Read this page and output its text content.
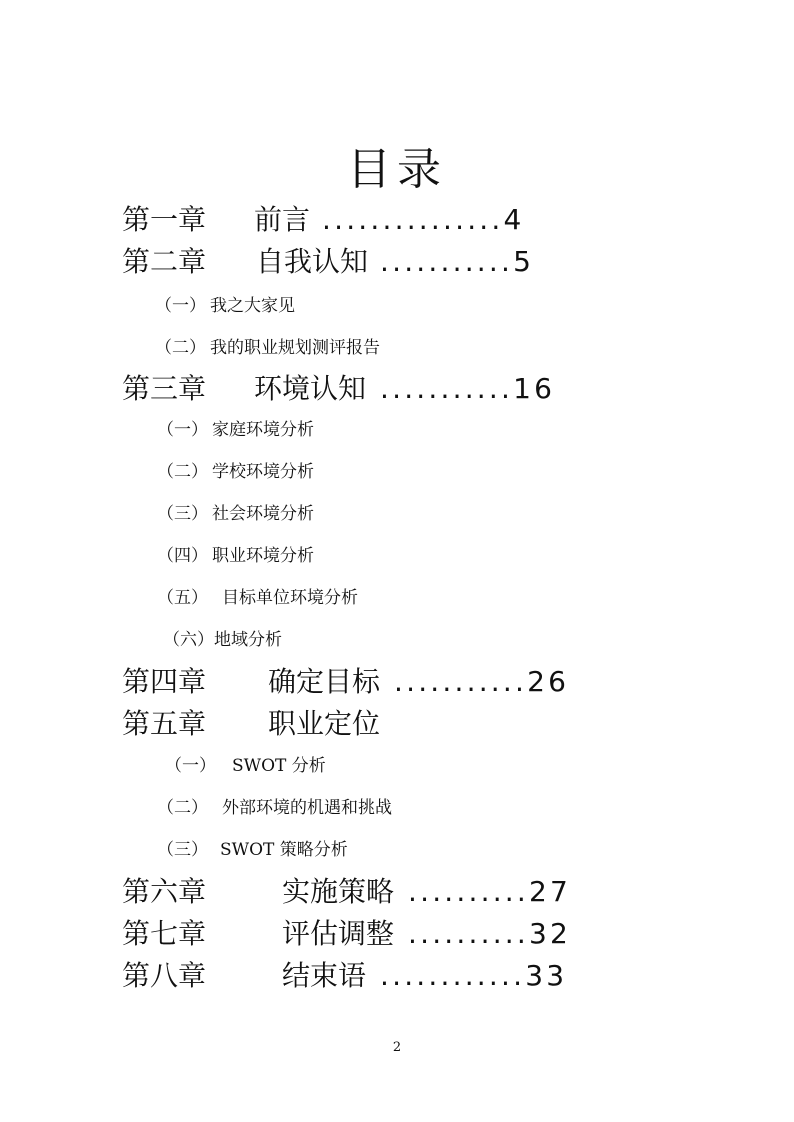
目录
第一章 前言 ...............4
第二章 自我认知 ...........5
（一） 我之大家见
（二） 我的职业规划测评报告
第三章 环境认知 ...........16
（一） 家庭环境分析
（二） 学校环境分析
（三） 社会环境分析
（四） 职业环境分析
（五） 目标单位环境分析
（六）地域分析
第四章 确定目标 ...........26
第五章 职业定位
（一） SWOT 分析
（二） 外部环境的机遇和挑战
（三） SWOT 策略分析
第六章	实施策略 ..........27
第七章	评估调整 ..........32
第八章	结束语 ............33
2
